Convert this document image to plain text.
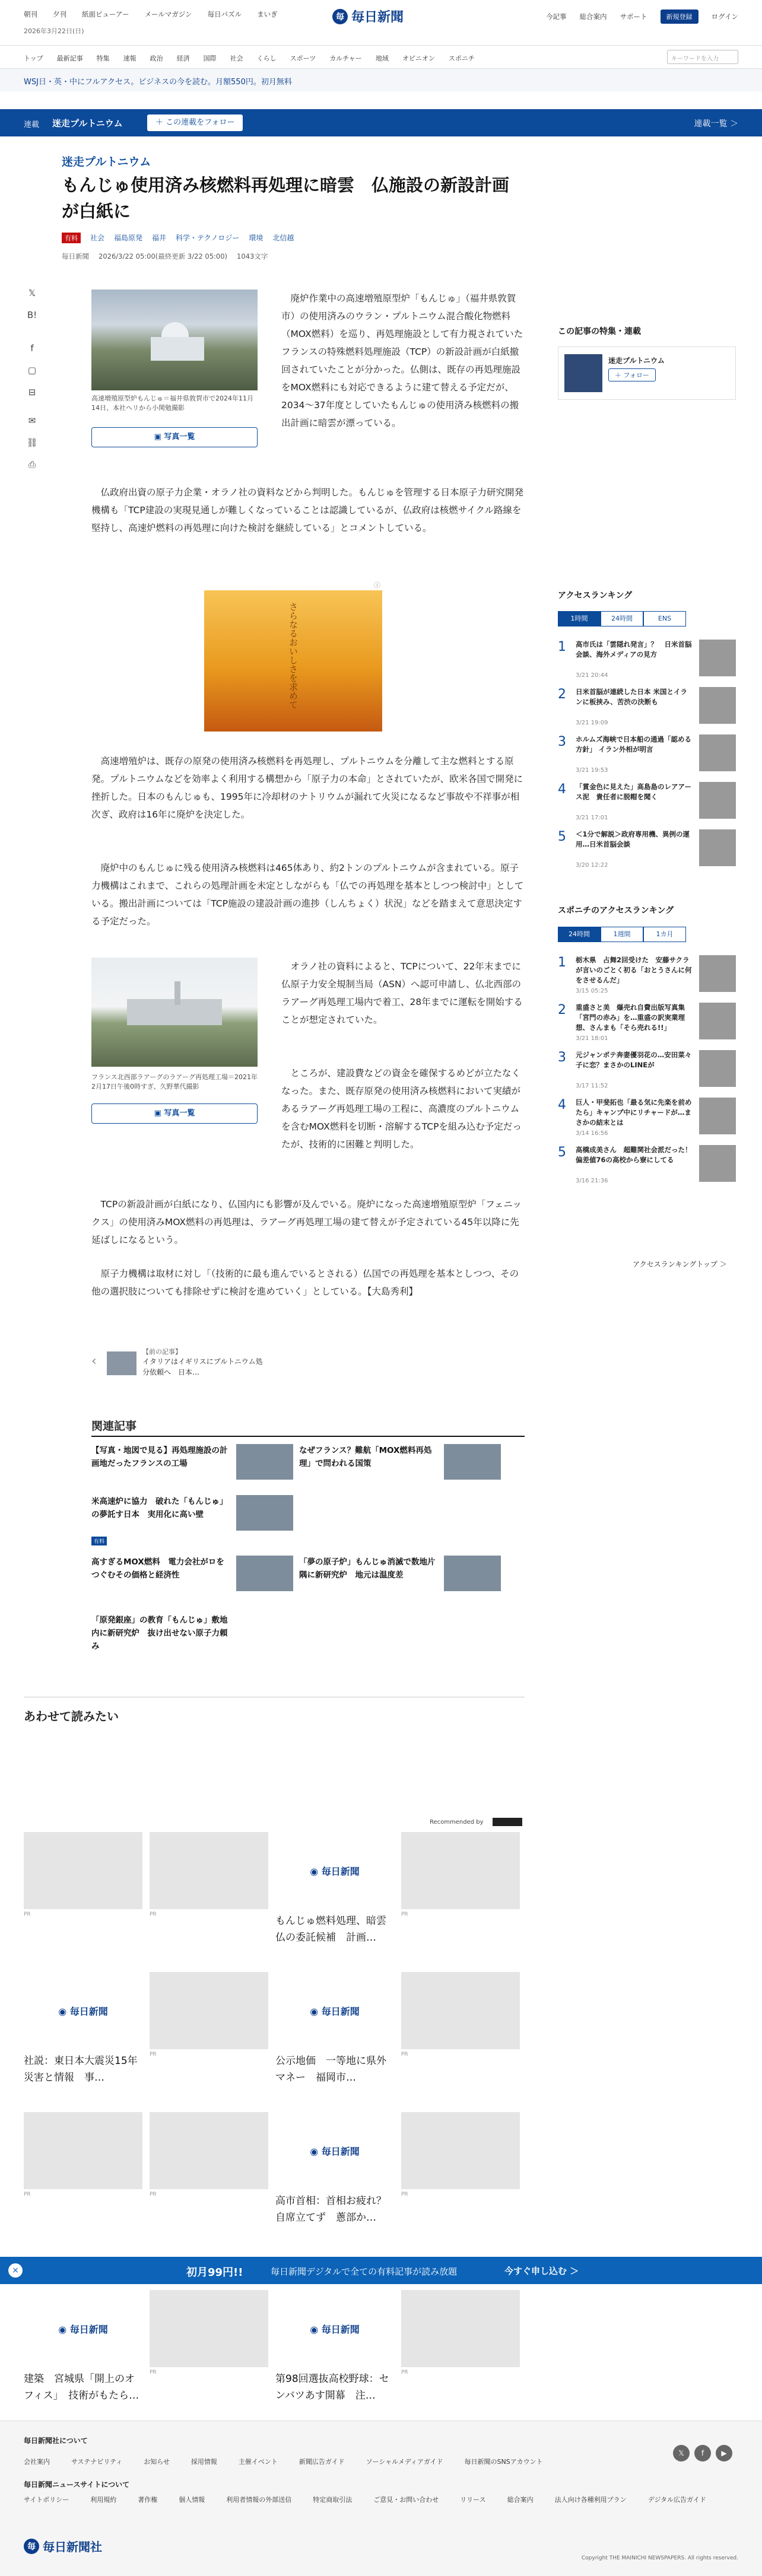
朝刊 夕刊 紙面ビューアー メールマガジン 毎日パズル まいぎ
2026年3月22日(日)
毎 毎日新聞	今記事 総合案内 サポート	新規登録	ログイン
トップ 最新記事 特集 速報 政治 経済 国際 社会 くらし スポーツ カルチャー 地域 オピニオン スポニチ	キーワードを入力

WSJ日・英・中にフルアクセス。ビジネスの今を読む。月額550円。初月無料

連載 迷走プルトニウム	＋ この連載をフォロー	連載一覧 ＞
𝕏
B!
f
▢
⊟
✉
⛓
⎙
迷走プルトニウム
もんじゅ使用済み核燃料再処理に暗雲　仏施設の新設計画が白紙に
有料	社会 福島原発 福井 科学・テクノロジー 環境 北信越
毎日新聞 2026/3/22 05:00(最終更新 3/22 05:00) 1043文字
高速増殖原型炉もんじゅ＝福井県敦賀市で2024年11月14日、本社ヘリから小関勉撮影
▣ 写真一覧

廃炉作業中の高速増殖原型炉「もんじゅ」（福井県敦賀市）の使用済みのウラン・プルトニウム混合酸化物燃料（MOX燃料）を巡り、再処理施設として有力視されていたフランスの特殊燃料処理施設（TCP）の新設計画が白紙撤回されていたことが分かった。仏側は、既存の再処理施設をMOX燃料にも対応できるように建て替える予定だが、2034～37年度としていたもんじゅの使用済み核燃料の搬出計画に暗雲が漂っている。

仏政府出資の原子力企業・オラノ社の資料などから判明した。もんじゅを管理する日本原子力研究開発機構も「TCP建設の実現見通しが難しくなっていることは認識しているが、仏政府は核燃サイクル路線を堅持し、高速炉燃料の再処理に向けた検討を継続している」とコメントしている。

さらなるおいしさを求めて
ⓘ

高速増殖炉は、既存の原発の使用済み核燃料を再処理し、プルトニウムを分離して主な燃料とする原発。プルトニウムなどを効率よく利用する構想から「原子力の本命」とされていたが、欧米各国で開発に挫折した。日本のもんじゅも、1995年に冷却材のナトリウムが漏れて火災になるなど事故や不祥事が相次ぎ、政府は16年に廃炉を決定した。

廃炉中のもんじゅに残る使用済み核燃料は465体あり、約2トンのプルトニウムが含まれている。原子力機構はこれまで、これらの処理計画を未定としながらも「仏での再処理を基本としつつ検討中」としている。搬出計画については「TCP施設の建設計画の進捗（しんちょく）状況」などを踏まえて意思決定する予定だった。

フランス北西部ラアーグのラアーグ再処理工場＝2021年2月17日午後0時すぎ、久野華代撮影
▣ 写真一覧

オラノ社の資料によると、TCPについて、22年末までに仏原子力安全規制当局（ASN）へ認可申請し、仏北西部のラアーグ再処理工場内で着工、28年までに運転を開始することが想定されていた。

ところが、建設費などの資金を確保するめどが立たなくなった。また、既存原発の使用済み核燃料において実績があるラアーグ再処理工場の工程に、高濃度のプルトニウムを含むMOX燃料を切断・溶解するTCPを組み込む予定だったが、技術的に困難と判明した。

TCPの新設計画が白紙になり、仏国内にも影響が及んでいる。廃炉になった高速増殖原型炉「フェニックス」の使用済みMOX燃料の再処理は、ラアーグ再処理工場の建て替えが予定されている45年以降に先延ばしになるという。

原子力機構は取材に対し「（技術的に最も進んでいるとされる）仏国での再処理を基本としつつ、その他の選択肢についても排除せずに検討を進めていく」としている。【大島秀利】

‹
【前の記事】
イタリアはイギリスにプルトニウム処分依頼へ　日本…
関連記事
【写真・地図で見る】再処理施設の計画地だったフランスの工場
なぜフランス？難航「MOX燃料再処理」で問われる国策
米高速炉に協力　破れた「もんじゅ」の夢託す日本　実用化に高い壁
有料
高すぎるMOX燃料　電力会社がロをつぐむその価格と経済性
「夢の原子炉」もんじゅ消滅で数地片隅に新研究炉　地元は温度差
「原発銀座」の教育「もんじゅ」敷地内に新研究炉　抜け出せない原子力頼み
あわせて読みたい
Recommended by
PR	PR
◉ 毎日新聞
もんじゅ燃料処理、暗雲仏の委託候補　計画…
PR
◉ 毎日新聞
社説：東日本大震災15年　災害と情報　事…
PR
◉ 毎日新聞
公示地価　一等地に県外マネー　福岡市…
PR
PR	PR
◉ 毎日新聞
高市首相：首相お疲れ？自席立てず　蔥部か…
PR
◉ 毎日新聞
建築　宮城県「開上のオフィス」　技術がもたら…
PR
◉ 毎日新聞
第98回選抜高校野球：センバツあす開幕　注…
PR
この記事の特集・連載
迷走プルトニウム
＋ フォロー
アクセスランキング
1時間	24時間	ENS
1 高市氏は「雲隠れ発言」？　日米首脳会談、海外メディアの見方
3/21 20:44
2 日米首脳が連続した日本 米国とイランに板挟み、苦渋の決断も
3/21 19:09
3 ホルムズ海峡で日本船の通過「認める方針」 イラン外相が明言
3/21 19:53
4 「賞金色に見えた」高島島のレアアース泥　貴任者に脱帽を聞く
3/21 17:01
5 ＜1分で解説＞政府専用機、異例の運用…日米首脳会談
3/20 12:22
スポニチのアクセスランキング
24時間	1週間	1カ月
1 栃木県　占舞2回受けた　安藤サクラが言いのごとく初る「おとうさんに何をさせるんだ」
3/15 05:25
2 重盛さと美　爆売れ自費出版写真集「宮門の赤み」を…重盛の訳実業理想、さんまも「そら売れる!!」
3/21 18:01
3 元ジャンポテ奔妻優羽花の…安田菜々子に恋？まさかのLINEが
3/17 11:52
4 巨人・甲斐拓也「最る気に先楽を前めたら」キャンプ中にリチャードが…まさかの結末とは
3/14 16:56
5 高橋成美さん　超難関社会派だった！偏差値76の高校から寮にしてる
3/16 21:36
アクセスランキングトップ ＞
×	初月99円!!	毎日新聞デジタルで全ての有料記事が読み放題	今すぐ申し込む ＞
毎日新聞社について
会社案内	サステナビリティ	お知らせ	採用情報	主催イベント	新聞広告ガイド	ソーシャルメディアガイド	毎日新聞のSNSアカウント
毎日新聞ニュースサイトについて
サイトポリシー	利用規約	著作権	個人情報	利用者情報の外部送信	特定商取引法	ご意見・お問い合わせ	リリース	総合案内	法人向け各種利用プラン	デジタル広告ガイド
𝕏	f	▶
毎 毎日新聞社
Copyright THE MAINICHI NEWSPAPERS. All rights reserved.
